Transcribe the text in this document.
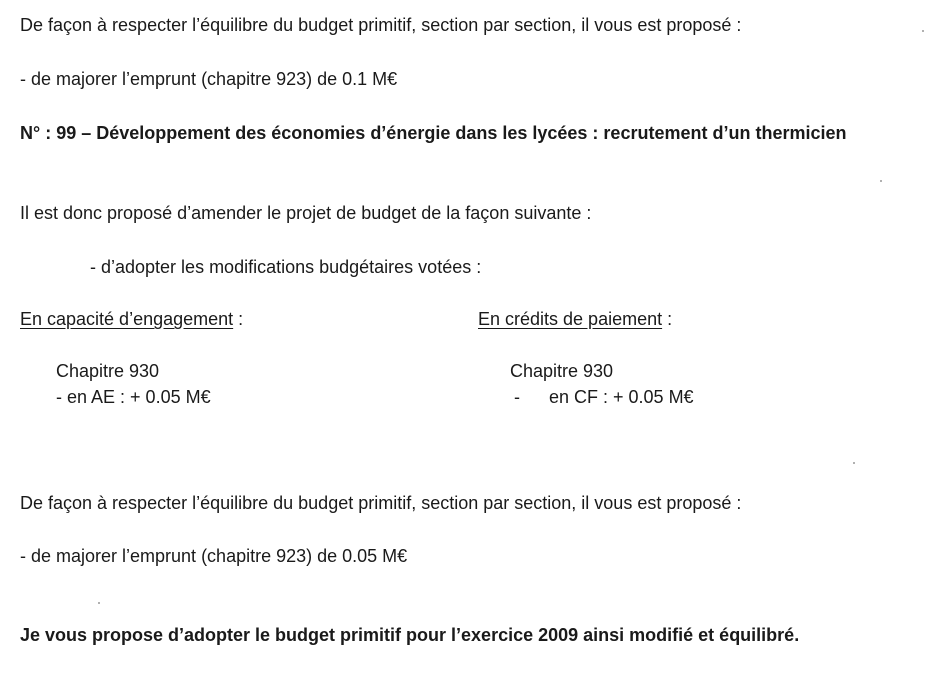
De façon à respecter l’équilibre du budget primitif, section par section, il vous est proposé :
- de majorer l’emprunt (chapitre 923) de 0.1 M€
N° : 99 – Développement des économies d’énergie dans les lycées : recrutement d’un thermicien
Il est donc proposé d’amender le projet de budget de la façon suivante :
- d’adopter les modifications budgétaires votées :
En capacité d’engagement :	En crédits de paiement :
Chapitre 930
- en AE : + 0.05 M€
Chapitre 930
- en CF : + 0.05 M€
De façon à respecter l’équilibre du budget primitif, section par section, il vous est proposé :
- de majorer l’emprunt (chapitre 923) de 0.05 M€
Je vous propose d’adopter le budget primitif pour l’exercice 2009 ainsi modifié et équilibré.
